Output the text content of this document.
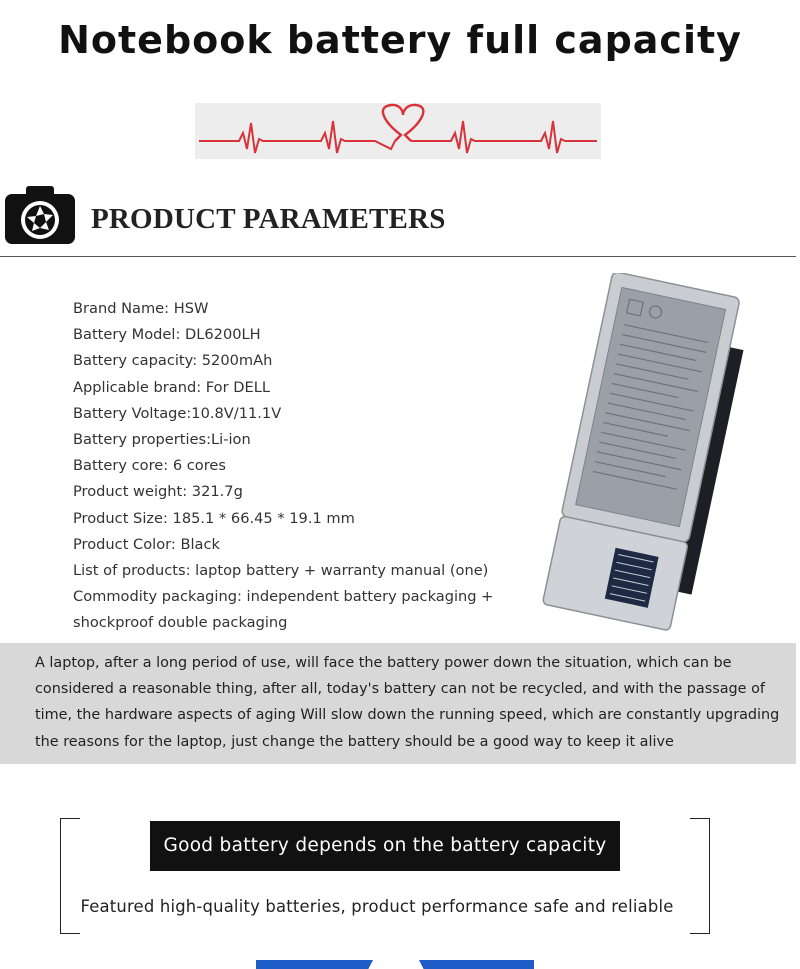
Notebook battery full capacity
PRODUCT PARAMETERS
Brand Name: HSW
Battery Model: DL6200LH
Battery capacity: 5200mAh
Applicable brand: For DELL
Battery Voltage:10.8V/11.1V
Battery properties:Li-ion
Battery core: 6 cores
Product weight: 321.7g
Product Size: 185.1 * 66.45 * 19.1 mm
Product Color: Black
List of products: laptop battery + warranty manual (one)
Commodity packaging: independent battery packaging + shockproof double packaging

A laptop, after a long period of use, will face the battery power down the situation, which can be considered a reasonable thing, after all, today's battery can not be recycled, and with the passage of time, the hardware aspects of aging Will slow down the running speed, which are constantly upgrading the reasons for the laptop, just change the battery should be a good way to keep it alive

Good battery depends on the battery capacity
Featured high-quality batteries, product performance safe and reliable
